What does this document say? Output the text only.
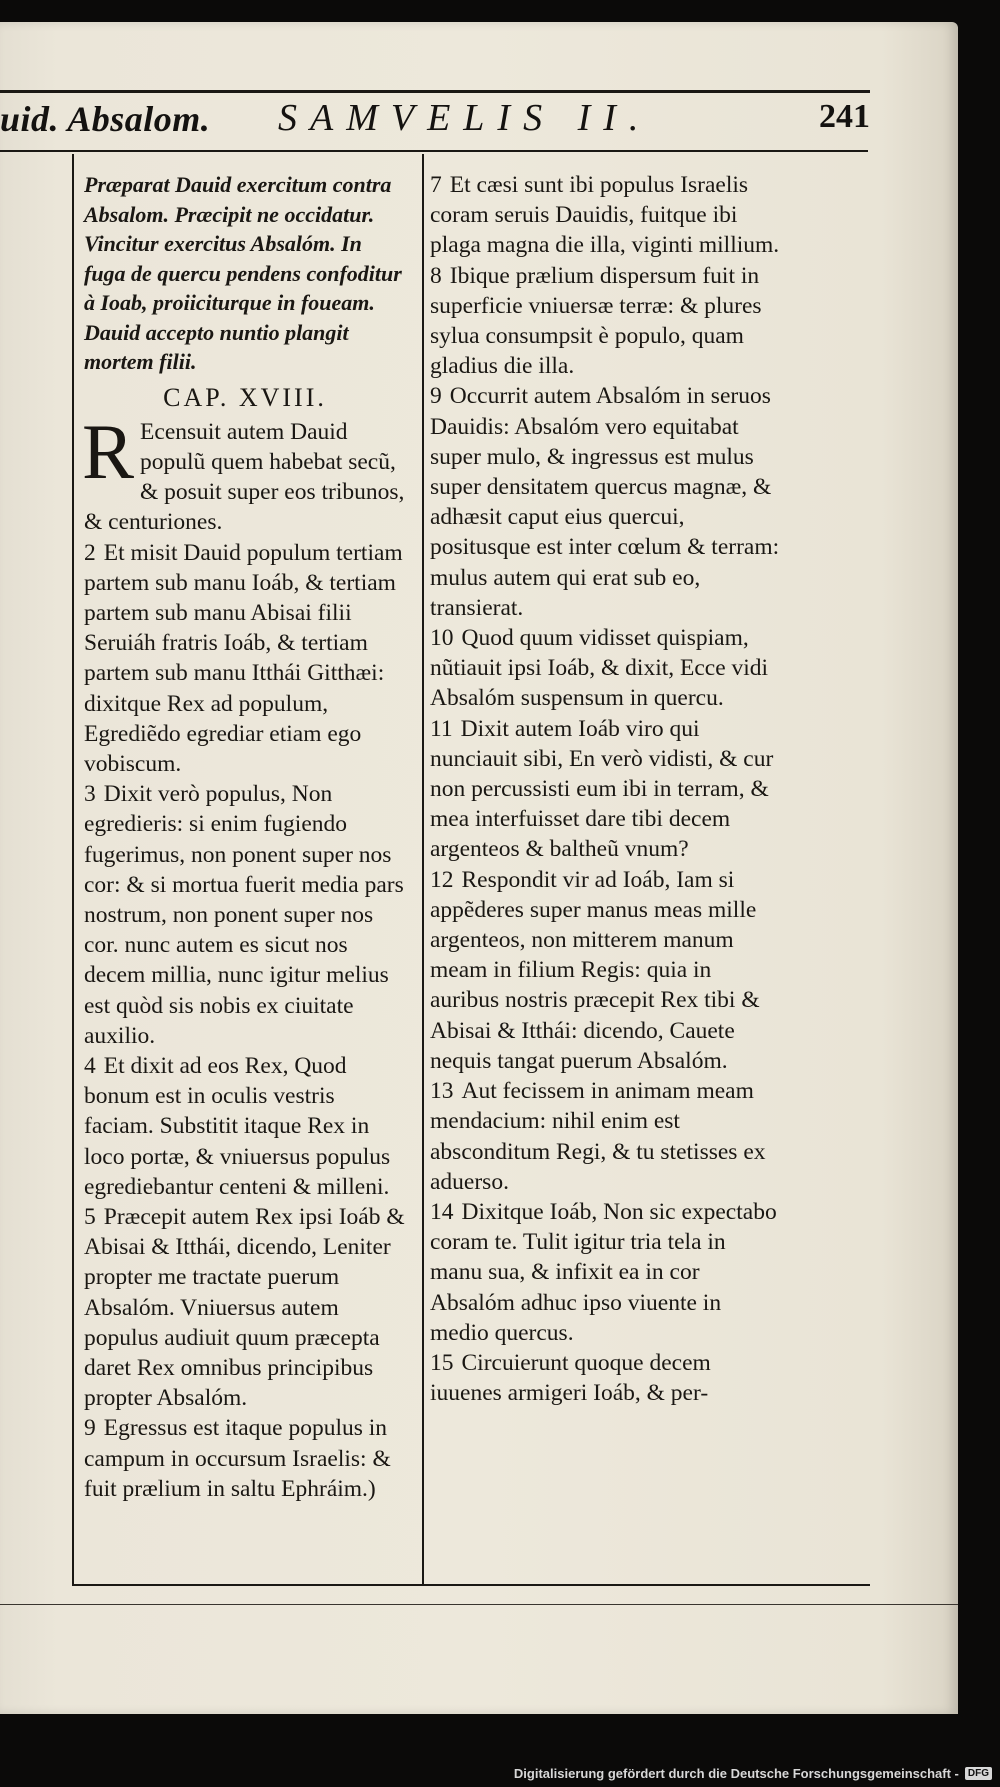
uid. Absalom. SAMVELIS II.	241

Præparat Dauid exercitum contra Absalom. Præcipit ne occidatur. Vincitur exercitus Absalóm. In fuga de quercu pendens confoditur à Ioab, proiiciturque in foueam. Dauid accepto nuntio plangit mortem filii.

CAP. XVIII.

R Ecensuit autem Dauid populũ quem habebat secũ, & posuit super eos tribunos, & centuriones.

2 Et misit Dauid populum tertiam partem sub manu Ioáb, & tertiam partem sub manu Abisai filii Seruiáh fratris Ioáb, & tertiam partem sub manu Itthái Gitthæi: dixitque Rex ad populum, Egrediẽdo egrediar etiam ego vobiscum.

3 Dixit verò populus, Non egredieris: si enim fugiendo fugerimus, non ponent super nos cor: & si mortua fuerit media pars nostrum, non ponent super nos cor. nunc autem es sicut nos decem millia, nunc igitur melius est quòd sis nobis ex ciuitate auxilio.

4 Et dixit ad eos Rex, Quod bonum est in oculis vestris faciam. Substitit itaque Rex in loco portæ, & vniuersus populus egrediebantur centeni & milleni.

5 Præcepit autem Rex ipsi Ioáb & Abisai & Itthái, dicendo, Leniter propter me tractate puerum Absalóm. Vniuersus autem populus audiuit quum præcepta daret Rex omnibus principibus propter Absalóm.

9 Egressus est itaque populus in campum in occursum Israelis: & fuit prælium in saltu Ephráim.)

7 Et cæsi sunt ibi populus Israelis coram seruis Dauidis, fuitque ibi plaga magna die illa, viginti millium.

8 Ibique prælium dispersum fuit in superficie vniuersæ terræ: & plures sylua consumpsit è populo, quam gladius die illa.

9 Occurrit autem Absalóm in seruos Dauidis: Absalóm vero equitabat super mulo, & ingressus est mulus super densitatem quercus magnæ, & adhæsit caput eius quercui, positusque est inter cœlum & terram: mulus autem qui erat sub eo, transierat.

10 Quod quum vidisset quispiam, nũtiauit ipsi Ioáb, & dixit, Ecce vidi Absalóm suspensum in quercu.

11 Dixit autem Ioáb viro qui nunciauit sibi, En verò vidisti, & cur non percussisti eum ibi in terram, & mea interfuisset dare tibi decem argenteos & baltheũ vnum?

12 Respondit vir ad Ioáb, Iam si appẽderes super manus meas mille argenteos, non mitterem manum meam in filium Regis: quia in auribus nostris præcepit Rex tibi & Abisai & Itthái: dicendo, Cauete nequis tangat puerum Absalóm.

13 Aut fecissem in animam meam mendacium: nihil enim est absconditum Regi, & tu stetisses ex aduerso.

14 Dixitque Ioáb, Non sic expectabo coram te. Tulit igitur tria tela in manu sua, & infixit ea in cor Absalóm adhuc ipso viuente in medio quercus.

15 Circuierunt quoque decem iuuenes armigeri Ioáb, & per-

Digitalisierung gefördert durch die Deutsche Forschungsgemeinschaft - DFG
